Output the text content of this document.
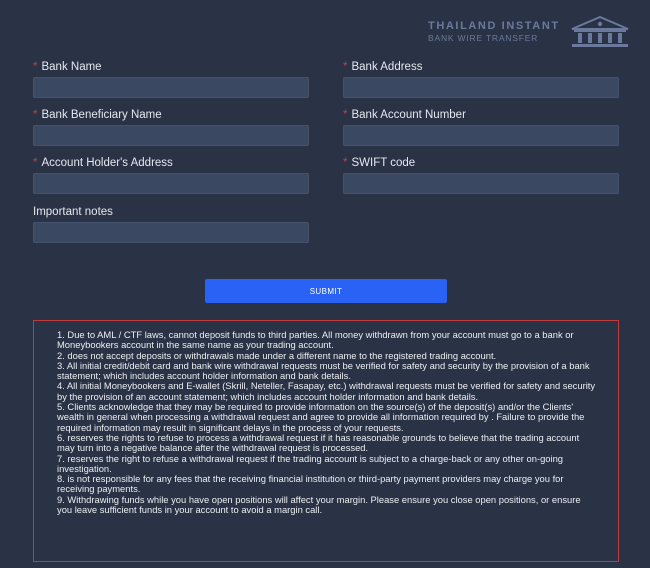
THAILAND INSTANT
BANK WIRE TRANSFER
* Bank Name	* Bank Address
* Bank Beneficiary Name	* Bank Account Number
* Account Holder's Address	* SWIFT code
Important notes
SUBMIT

1. Due to AML / CTF laws, cannot deposit funds to third parties. All money withdrawn from your account must go to a bank or Moneybookers account in the same name as your trading account.

2. does not accept deposits or withdrawals made under a different name to the registered trading account.

3. All initial credit/debit card and bank wire withdrawal requests must be verified for safety and security by the provision of a bank statement; which includes account holder information and bank details.

4. All initial Moneybookers and E-wallet (Skrill, Neteller, Fasapay, etc.) withdrawal requests must be verified for safety and security by the provision of an account statement; which includes account holder information and bank details.

5. Clients acknowledge that they may be required to provide information on the source(s) of the deposit(s) and/or the Clients' wealth in general when processing a withdrawal request and agree to provide all information required by . Failure to provide the required information may result in significant delays in the process of your requests.

6. reserves the rights to refuse to process a withdrawal request if it has reasonable grounds to believe that the trading account may turn into a negative balance after the withdrawal request is processed.

7. reserves the right to refuse a withdrawal request if the trading account is subject to a charge-back or any other on-going investigation.

8. is not responsible for any fees that the receiving financial institution or third-party payment providers may charge you for receiving payments.

9. Withdrawing funds while you have open positions will affect your margin. Please ensure you close open positions, or ensure you leave sufficient funds in your account to avoid a margin call.
